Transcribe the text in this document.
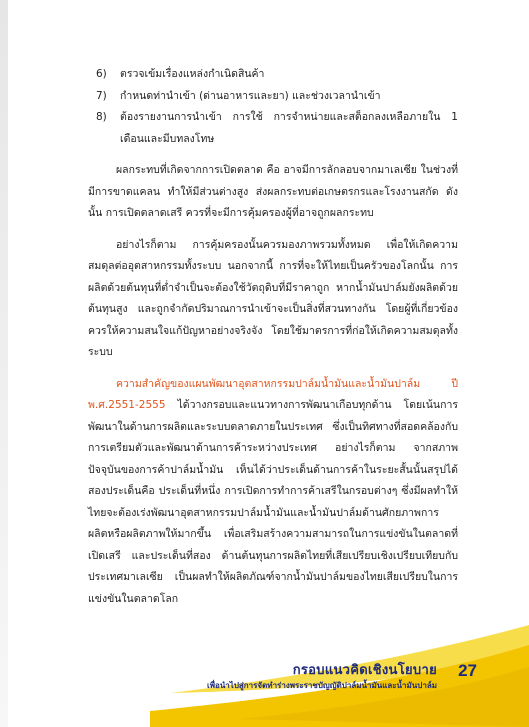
6) ตรวจเข้มเรื่องแหล่งกำเนิดสินค้า
7) กำหนดท่านำเข้า (ด่านอาหารและยา) และช่วงเวลานำเข้า
8) ต้องรายงานการนำเข้า การใช้ การจำหน่ายและสต็อกลงเหลือภายใน 1 เดือนและมีบทลงโทษ

ผลกระทบที่เกิดจากการเปิดตลาด คือ อาจมีการลักลอบจากมาเลเซีย ในช่วงที่มีการขาดแคลน ทำให้มีส่วนต่างสูง ส่งผลกระทบต่อเกษตรกรและโรงงานสกัด ดังนั้น การเปิดตลาดเสรี ควรที่จะมีการคุ้มครองผู้ที่อาจถูกผลกระทบ

อย่างไรก็ตาม การคุ้มครองนั้นควรมองภาพรวมทั้งหมด เพื่อให้เกิดความสมดุลต่ออุตสาหกรรมทั้งระบบ นอกจากนี้ การที่จะให้ไทยเป็นครัวของโลกนั้น การผลิตด้วยต้นทุนที่ต่ำจำเป็นจะต้องใช้วัตถุดิบที่มีราคาถูก หากน้ำมันปาล์มยังผลิตด้วยต้นทุนสูง และถูกจำกัดปริมาณการนำเข้าจะเป็นสิ่งที่สวนทางกัน โดยผู้ที่เกี่ยวข้องควรให้ความสนใจแก้ปัญหาอย่างจริงจัง โดยใช้มาตรการที่ก่อให้เกิดความสมดุลทั้งระบบ

ความสำคัญของแผนพัฒนาอุตสาหกรรมปาล์มน้ำมันและน้ำมันปาล์ม ปี พ.ศ.2551-2555 ได้วางกรอบและแนวทางการพัฒนาเกือบทุกด้าน โดยเน้นการพัฒนาในด้านการผลิตและระบบตลาดภายในประเทศ ซึ่งเป็นทิศทางที่สอดคล้องกับการเตรียมตัวและพัฒนาด้านการค้าระหว่างประเทศ อย่างไรก็ตาม จากสภาพปัจจุบันของการค้าปาล์มน้ำมัน เห็นได้ว่าประเด็นด้านการค้าในระยะสั้นนั้นสรุปได้สองประเด็นคือ ประเด็นที่หนึ่ง การเปิดการทำการค้าเสรีในกรอบต่างๆ ซึ่งมีผลทำให้ไทยจะต้องเร่งพัฒนาอุตสาหกรรมปาล์มน้ำมันและน้ำมันปาล์มด้านศักยภาพการผลิตหรือผลิตภาพให้มากขึ้น เพื่อเสริมสร้างความสามารถในการแข่งขันในตลาดที่เปิดเสรี และประเด็นที่สอง ด้านต้นทุนการผลิตไทยที่เสียเปรียบเชิงเปรียบเทียบกับประเทศมาเลเซีย เป็นผลทำให้ผลิตภัณฑ์จากน้ำมันปาล์มของไทยเสียเปรียบในการแข่งขันในตลาดโลก

กรอบแนวคิดเชิงนโยบาย
เพื่อนำไปสู่การจัดทำร่างพระราชบัญญัติปาล์มน้ำมันและน้ำมันปาล์ม
27
